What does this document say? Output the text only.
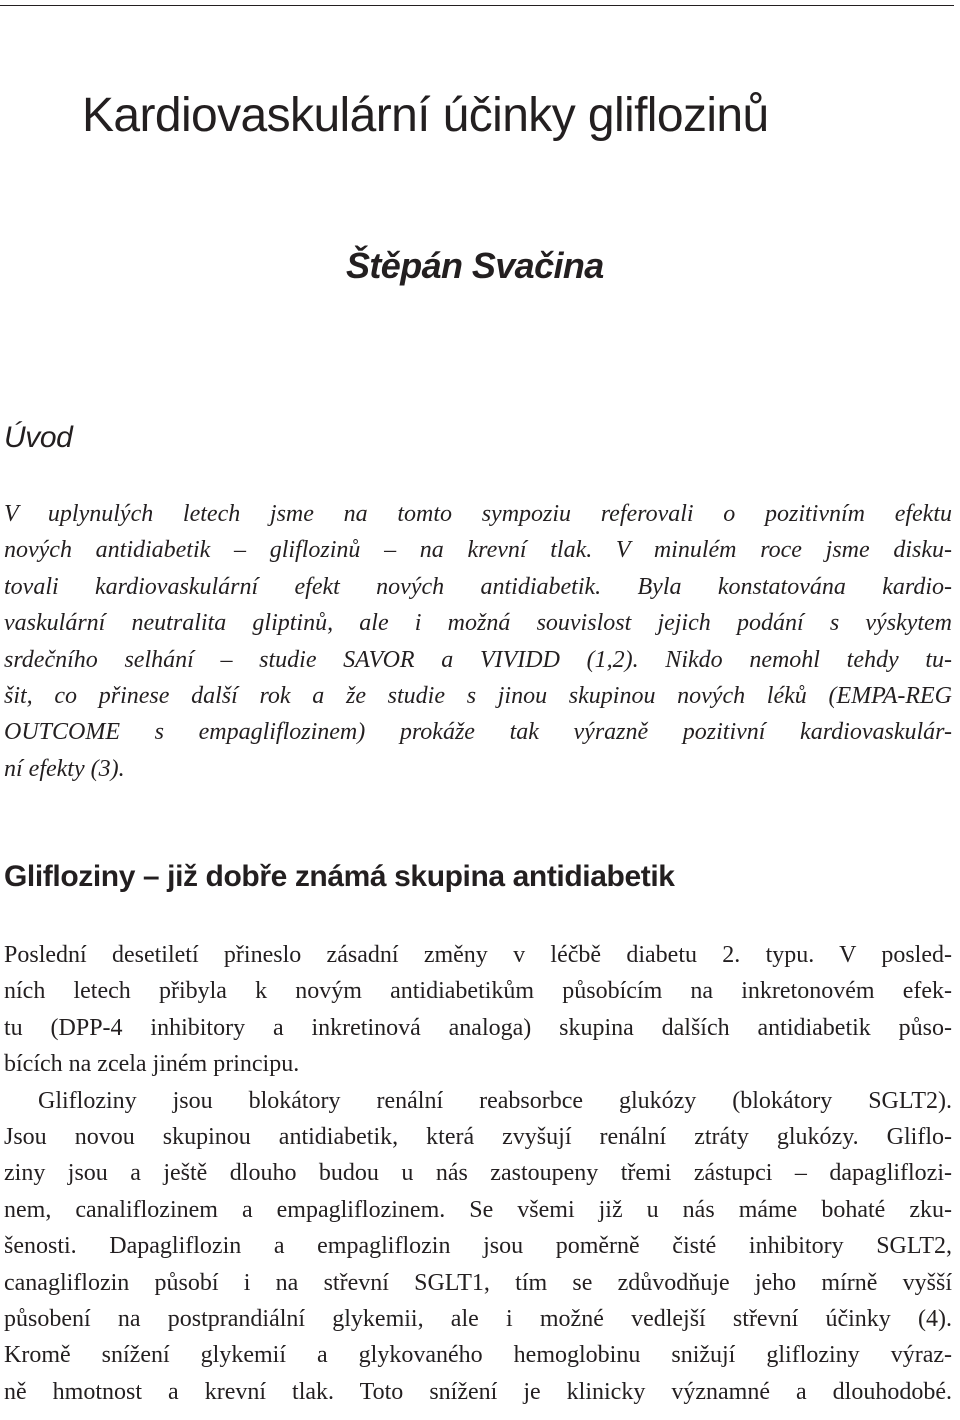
Kardiovaskulární účinky gliflozinů
Štěpán Svačina
Úvod
V uplynulých letech jsme na tomto sympoziu referovali o pozitivním efektu
nových antidiabetik – gliflozinů – na krevní tlak. V minulém roce jsme disku-
tovali kardiovaskulární efekt nových antidiabetik. Byla konstatována kardio-
vaskulární neutralita gliptinů, ale i možná souvislost jejich podání s výskytem
srdečního selhání – studie SAVOR a VIVIDD (1,2). Nikdo nemohl tehdy tu-
šit, co přinese další rok a že studie s jinou skupinou nových léků (EMPA-REG
OUTCOME s empagliflozinem) prokáže tak výrazně pozitivní kardiovaskulár-
ní efekty (3).
Glifloziny – již dobře známá skupina antidiabetik
Poslední desetiletí přineslo zásadní změny v léčbě diabetu 2. typu. V posled-
ních letech přibyla k novým antidiabetikům působícím na inkretonovém efek-
tu (DPP-4 inhibitory a inkretinová analoga) skupina dalších antidiabetik půso-
bících na zcela jiném principu.
Glifloziny jsou blokátory renální reabsorbce glukózy (blokátory SGLT2).
Jsou novou skupinou antidiabetik, která zvyšují renální ztráty glukózy. Gliflo-
ziny jsou a ještě dlouho budou u nás zastoupeny třemi zástupci – dapagliflozi-
nem, canaliflozinem a empagliflozinem. Se všemi již u nás máme bohaté zku-
šenosti. Dapagliflozin a empagliflozin jsou poměrně čisté inhibitory SGLT2,
canagliflozin působí i na střevní SGLT1, tím se zdůvodňuje jeho mírně vyšší
působení na postprandiální glykemii, ale i možné vedlejší střevní účinky (4).
Kromě snížení glykemií a glykovaného hemoglobinu snižují glifloziny výraz-
ně hmotnost a krevní tlak. Toto snížení je klinicky významné a dlouhodobé.
